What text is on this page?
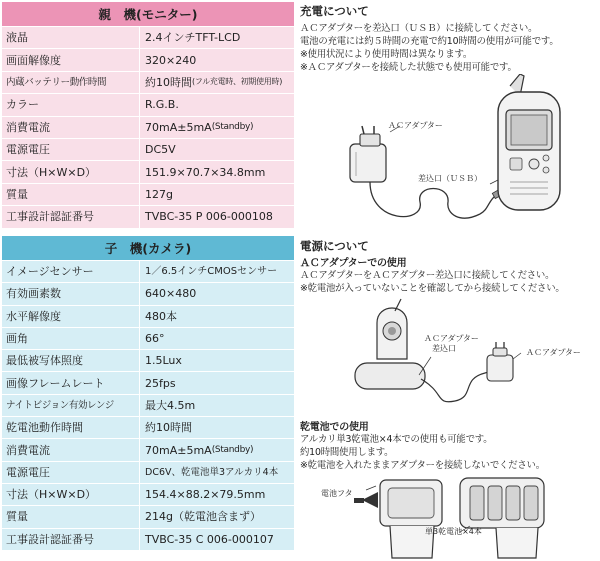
親　機(モニター)
液晶	2.4インチTFT-LCD
画面解像度	320×240
内蔵バッテリー動作時間	約10時間 (フル充電時、初期使用時)
カラー	R.G.B.
消費電流	70mA±5mA (Standby)
電源電圧	DC5V
寸法（H×W×D）	151.9×70.7×34.8mm
質量	127g
工事設計認証番号	TVBC-35 P 006-000108
子　機(カメラ)
イメージセンサー	1／6.5インチCMOSセンサー
有効画素数	640×480
水平解像度	480本
画角	66°
最低被写体照度	1.5Lux
画像フレームレート	25fps
ナイトビジョン有効レンジ	最大4.5m
乾電池動作時間	約10時間
消費電流	70mA±5mA (Standby)
電源電圧	DC6V、乾電池単3アルカリ4本
寸法（H×W×D）	154.4×88.2×79.5mm
質量	214g（乾電池含まず）
工事設計認証番号	TVBC-35 C 006-000107
充電について
ＡＣアダプターを差込口（ＵＳＢ）に接続してください。
電池の充電には約５時間の充電で約10時間の使用が可能です。
※使用状況により使用時間は異なります。
※ＡＣアダプターを接続した状態でも使用可能です。
ＡＣアダプター
差込口（ＵＳＢ）
電源について
ＡＣアダプターでの使用
ＡＣアダプターをＡＣアダプター差込口に接続してください。
※乾電池が入っていないことを確認してから接続してください。
ＡＣアダプター
差込口	ＡＣアダプター
乾電池での使用
アルカリ単3乾電池×4本での使用も可能です。
約10時間使用します。
※乾電池を入れたままアダプターを接続しないでください。
電池フタ
単3乾電池×4本
